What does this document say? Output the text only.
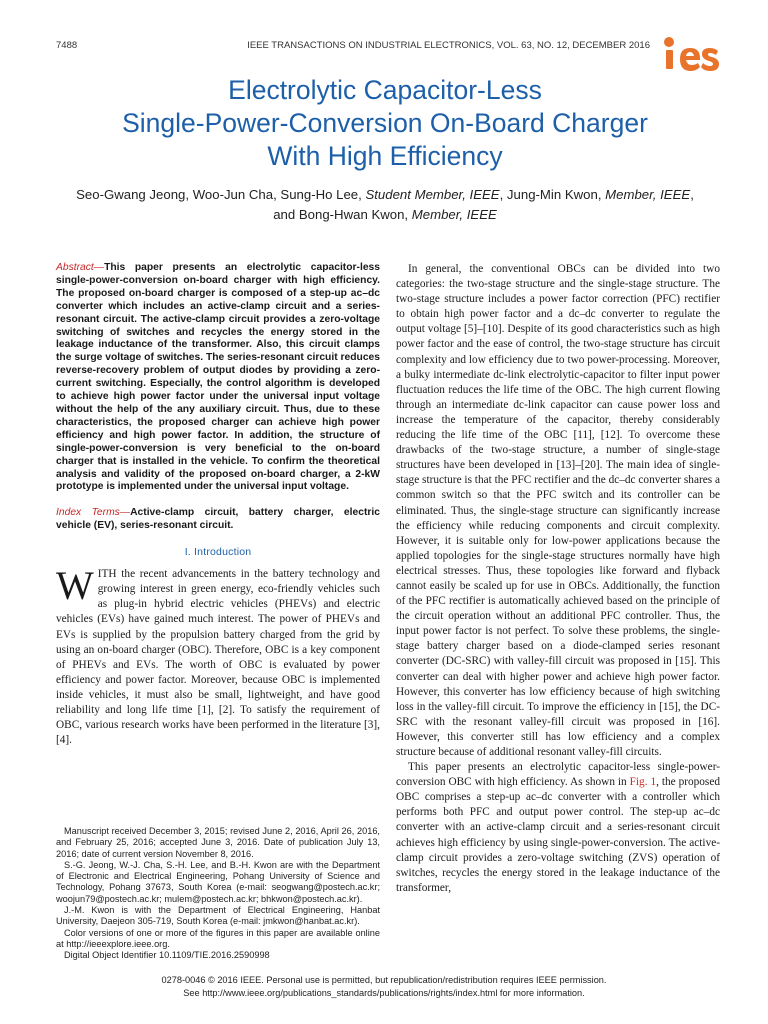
7488	IEEE TRANSACTIONS ON INDUSTRIAL ELECTRONICS, VOL. 63, NO. 12, DECEMBER 2016
Electrolytic Capacitor-Less
Single-Power-Conversion On-Board Charger
With High Efficiency
Seo-Gwang Jeong, Woo-Jun Cha, Sung-Ho Lee, Student Member, IEEE, Jung-Min Kwon, Member, IEEE,
and Bong-Hwan Kwon, Member, IEEE

Abstract—This paper presents an electrolytic capacitor-less single-power-conversion on-board charger with high efficiency. The proposed on-board charger is composed of a step-up ac–dc converter which includes an active-clamp circuit and a series-resonant circuit. The active-clamp circuit provides a zero-voltage switching of switches and recycles the energy stored in the leakage inductance of the transformer. Also, this circuit clamps the surge voltage of switches. The series-resonant circuit reduces reverse-recovery problem of output diodes by providing a zero-current switching. Especially, the control algorithm is developed to achieve high power factor under the universal input voltage without the help of the any auxiliary circuit. Thus, due to these characteristics, the proposed charger can achieve high power efficiency and high power factor. In addition, the structure of single-power-conversion is very beneficial to the on-board charger that is installed in the vehicle. To confirm the theoretical analysis and validity of the proposed on-board charger, a 2-kW prototype is implemented under the universal input voltage.

Index Terms—Active-clamp circuit, battery charger, electric vehicle (EV), series-resonant circuit.

I. Introduction

WITH the recent advancements in the battery technology and growing interest in green energy, eco-friendly vehicles such as plug-in hybrid electric vehicles (PHEVs) and electric vehicles (EVs) have gained much interest. The power of PHEVs and EVs is supplied by the propulsion battery charged from the grid by using an on-board charger (OBC). Therefore, OBC is a key component of PHEVs and EVs. The worth of OBC is evaluated by power efficiency and power factor. Moreover, because OBC is implemented inside vehicles, it must also be small, lightweight, and have good reliability and long life time [1], [2]. To satisfy the requirement of OBC, various research works have been performed in the literature [3], [4].

Manuscript received December 3, 2015; revised June 2, 2016, April 26, 2016, and February 25, 2016; accepted June 3, 2016. Date of publication July 13, 2016; date of current version November 8, 2016.

S.-G. Jeong, W.-J. Cha, S.-H. Lee, and B.-H. Kwon are with the Department of Electronic and Electrical Engineering, Pohang University of Science and Technology, Pohang 37673, South Korea (e-mail: seogwang@postech.ac.kr; woojun79@postech.ac.kr; mulem@postech.ac.kr; bhkwon@postech.ac.kr).

J.-M. Kwon is with the Department of Electrical Engineering, Hanbat University, Daejeon 305-719, South Korea (e-mail: jmkwon@hanbat.ac.kr).

Color versions of one or more of the figures in this paper are available online at http://ieeexplore.ieee.org.

Digital Object Identifier 10.1109/TIE.2016.2590998

In general, the conventional OBCs can be divided into two categories: the two-stage structure and the single-stage structure. The two-stage structure includes a power factor correction (PFC) rectifier to obtain high power factor and a dc–dc converter to regulate the output voltage [5]–[10]. Despite of its good characteristics such as high power factor and the ease of control, the two-stage structure has circuit complexity and low efficiency due to two power-processing. Moreover, a bulky intermediate dc-link electrolytic-capacitor to filter input power fluctuation reduces the life time of the OBC. The high current flowing through an intermediate dc-link capacitor can cause power loss and increase the temperature of the capacitor, thereby considerably reducing the life time of the OBC [11], [12]. To overcome these drawbacks of the two-stage structure, a number of single-stage structures have been developed in [13]–[20]. The main idea of single-stage structure is that the PFC rectifier and the dc–dc converter shares a common switch so that the PFC switch and its controller can be eliminated. Thus, the single-stage structure can significantly increase the efficiency while reducing components and circuit complexity. However, it is suitable only for low-power applications because the applied topologies for the single-stage structures normally have high electrical stresses. Thus, these topologies like forward and flyback cannot easily be scaled up for use in OBCs. Additionally, the function of the PFC rectifier is automatically achieved based on the principle of the circuit operation without an additional PFC controller. Thus, the input power factor is not perfect. To solve these problems, the single-stage battery charger based on a diode-clamped series resonant converter (DC-SRC) with valley-fill circuit was proposed in [15]. This converter can deal with higher power and achieve high power factor. However, this converter has low efficiency because of high switching loss in the valley-fill circuit. To improve the efficiency in [15], the DC-SRC with the resonant valley-fill circuit was proposed in [16]. However, this converter still has low efficiency and a complex structure because of additional resonant valley-fill circuits.

This paper presents an electrolytic capacitor-less single-power-conversion OBC with high efficiency. As shown in Fig. 1, the proposed OBC comprises a step-up ac–dc converter with a controller which performs both PFC and output power control. The step-up ac–dc converter with an active-clamp circuit and a series-resonant circuit achieves high efficiency by using single-power-conversion. The active-clamp circuit provides a zero-voltage switching (ZVS) operation of switches, recycles the energy stored in the leakage inductance of the transformer,

0278-0046 © 2016 IEEE. Personal use is permitted, but republication/redistribution requires IEEE permission.
See http://www.ieee.org/publications_standards/publications/rights/index.html for more information.
